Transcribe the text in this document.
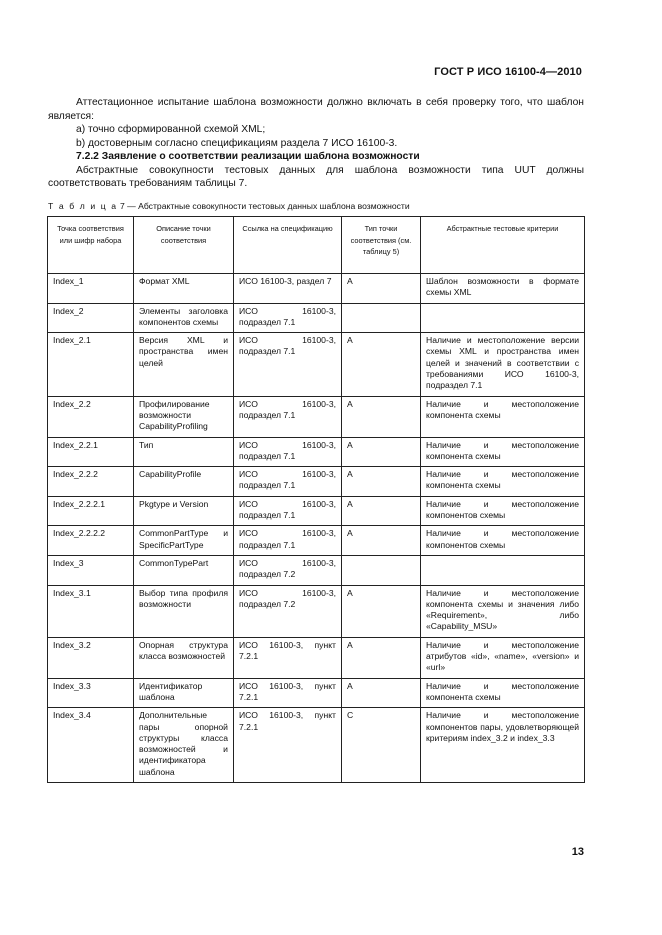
ГОСТ Р ИСО 16100-4—2010

Аттестационное испытание шаблона возможности должно включать в себя проверку того, что шаблон является:

а) точно сформированной схемой XML;

b) достоверным согласно спецификациям раздела 7 ИСО 16100-3.

7.2.2 Заявление о соответствии реализации шаблона возможности

Абстрактные совокупности тестовых данных для шаблона возможности типа UUT должны соответствовать требованиям таблицы 7.

Т а б л и ц а 7 — Абстрактные совокупности тестовых данных шаблона возможности
Точка соответствия или шифр набора	Описание точки соответствия	Ссылка на спецификацию	Тип точки соответствия (см. таблицу 5)	Абстрактные тестовые критерии
Index_1	Формат XML	ИСО 16100-3, раздел 7	A	Шаблон возможности в формате схемы XML
Index_2	Элементы заголовка компонентов схемы	ИСО 16100-3, подраздел 7.1		
Index_2.1	Версия XML и пространства имен целей	ИСО 16100-3, подраздел 7.1	A	Наличие и местоположение версии схемы XML и пространства имен целей и значений в соответствии с требованиями ИСО 16100-3, подраздел 7.1
Index_2.2	Профилирование возможности CapabilityProfiling	ИСО 16100-3, подраздел 7.1	A	Наличие и местоположение компонента схемы
Index_2.2.1	Тип	ИСО 16100-3, подраздел 7.1	A	Наличие и местоположение компонента схемы
Index_2.2.2	CapabilityProfile	ИСО 16100-3, подраздел 7.1	A	Наличие и местоположение компонента схемы
Index_2.2.2.1	Pkgtype и Version	ИСО 16100-3, подраздел 7.1	A	Наличие и местоположение компонентов схемы
Index_2.2.2.2	CommonPartType и SpecificPartType	ИСО 16100-3, подраздел 7.1	A	Наличие и местоположение компонентов схемы
Index_3	CommonTypePart	ИСО 16100-3, подраздел 7.2		
Index_3.1	Выбор типа профиля возможности	ИСО 16100-3, подраздел 7.2	A	Наличие и местоположение компонента схемы и значения либо «Requirement», либо «Capability_MSU»
Index_3.2	Опорная структура класса возможностей	ИСО 16100-3, пункт 7.2.1	A	Наличие и местоположение атрибутов «id», «name», «version» и «url»
Index_3.3	Идентификатор шаблона	ИСО 16100-3, пункт 7.2.1	A	Наличие и местоположение компонента схемы
Index_3.4	Дополнительные пары опорной структуры класса возможностей и идентификатора шаблона	ИСО 16100-3, пункт 7.2.1	C	Наличие и местоположение компонентов пары, удовлетворяющей критериям index_3.2 и index_3.3
13
